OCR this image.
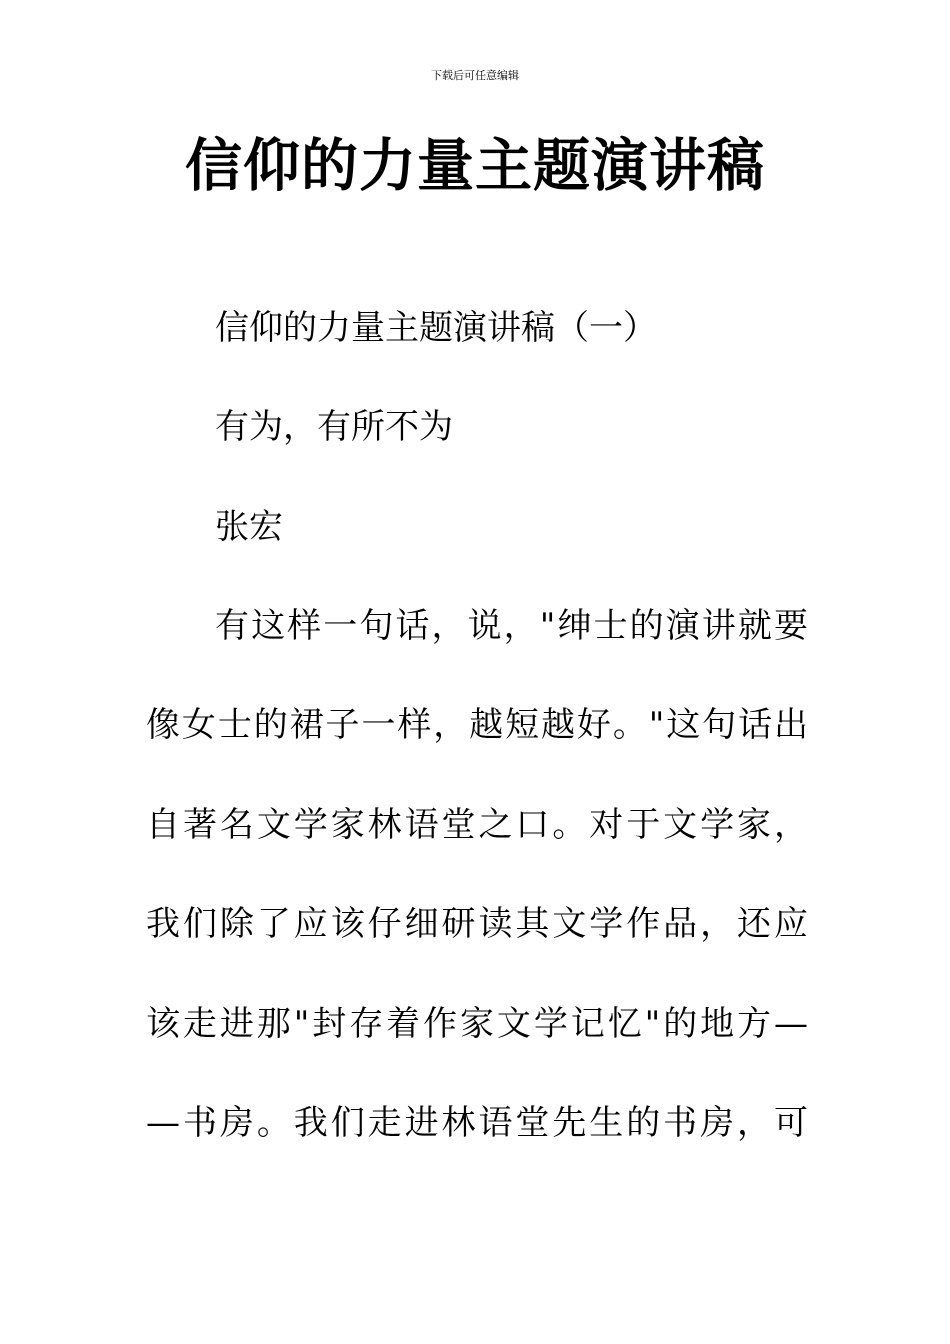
下载后可任意编辑
信仰的力量主题演讲稿
信仰的力量主题演讲稿（一）
有为，有所不为
张宏
有这样一句话，说，"绅士的演讲就要
像女士的裙子一样，越短越好。"这句话出
自著名文学家林语堂之口。对于文学家，
我们除了应该仔细研读其文学作品，还应
该走进那"封存着作家文学记忆"的地方—
—书房。我们走进林语堂先生的书房，可
